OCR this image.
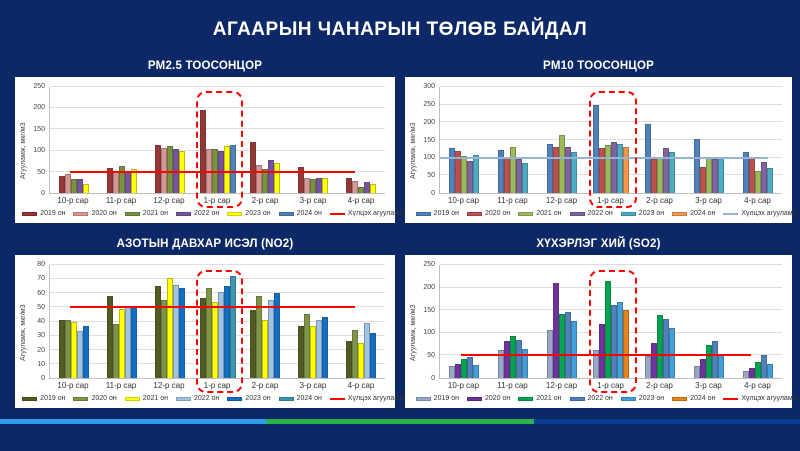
АГААРЫН ЧАНАРЫН ТӨЛӨВ БАЙДАЛ
PM2.5 ТООСОНЦОР
Агууламж, мкг/м3
0
50
100
150
200
250
10-р сар	11-р сар	12-р сар	1-р сар	2-р сар	3-р сар	4-р сар
2019 он	2020 он	2021 он	2022 он	2023 он	2024 он	Хүлцэх агууламж
PM10 ТООСОНЦОР
Агууламж, мкг/м3
0
50
100
150
200
250
300
10-р сар	11-р сар	12-р сар	1-р сар	2-р сар	3-р сар	4-р сар
2019 он	2020 он	2021 он	2022 он	2023 он	2024 он	Хүлцэх агууламж
АЗОТЫН ДАВХАР ИСЭЛ (NO2)
Агууламж, мкг/м3
0
10
20
30
40
50
60
70
80
10-р сар	11-р сар	12-р сар	1-р сар	2-р сар	3-р сар	4-р сар
2019 он	2020 он	2021 он	2022 он	2023 он	2024 он	Хүлцэх агууламж
ХҮХЭРЛЭГ ХИЙ (SO2)
Агууламж, мкг/м3
0
50
100
150
200
250
10-р сар	11-р сар	12-р сар	1-р сар	2-р сар	3-р сар	4-р сар
2019 он	2020 он	2021 он	2022 он	2023 он	2024 он	Хүлцэх агууламж
